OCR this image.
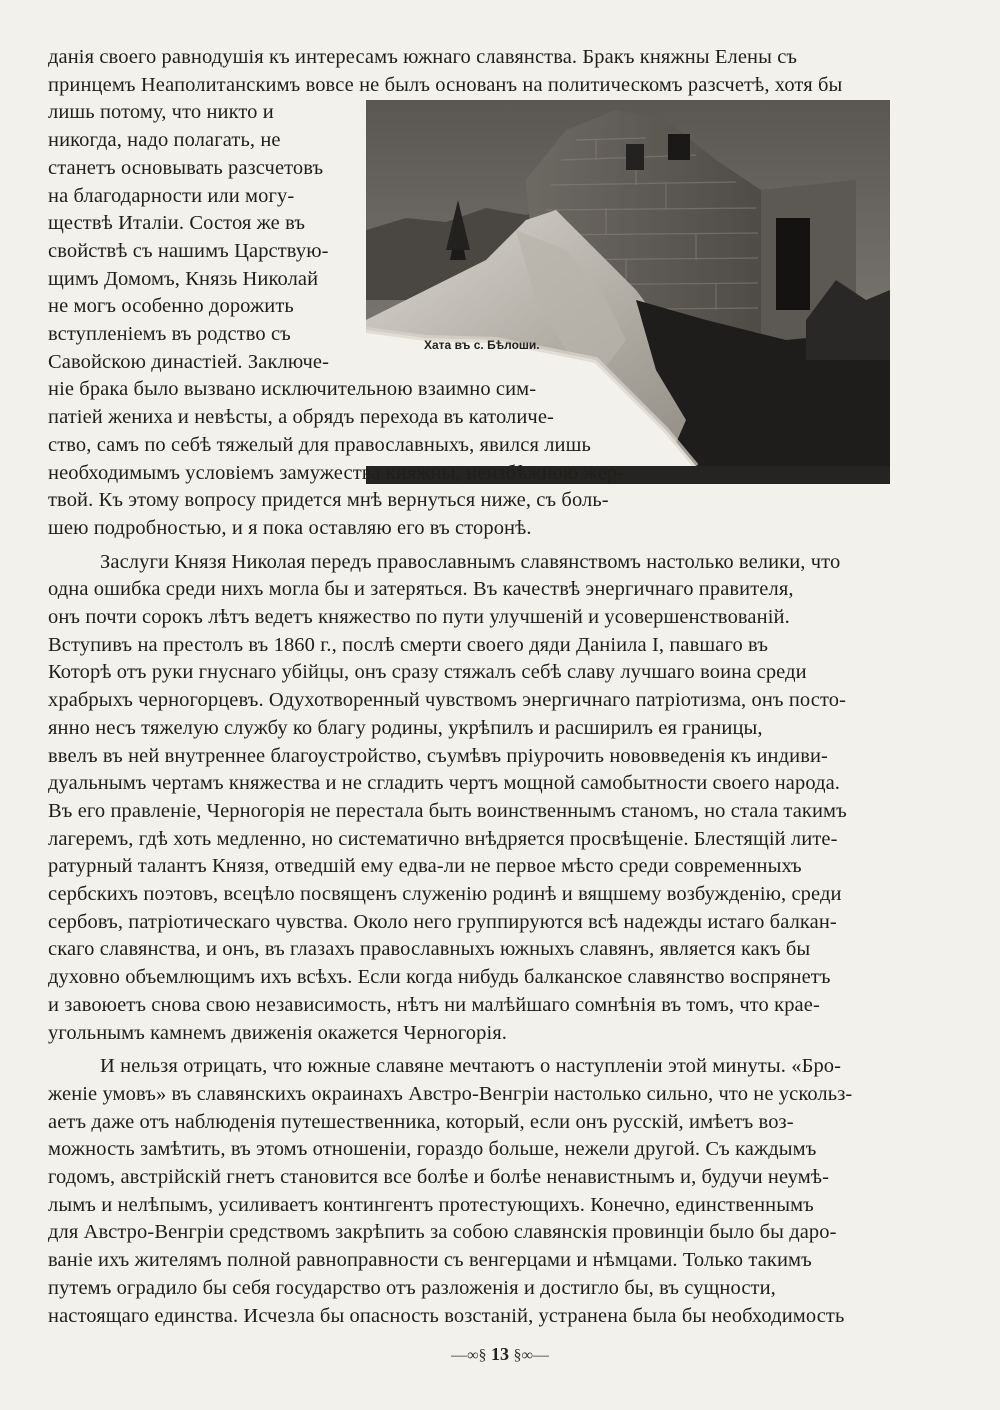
Хата въ с. Бѣлоши.
данія своего равнодушія къ интересамъ южнаго славянства. Бракъ княжны Елены съ
принцемъ Неаполитанскимъ вовсе не былъ основанъ на политическомъ разсчетѣ, хотя бы
лишь потому, что никто и
никогда, надо полагать, не
станетъ основывать разсчетовъ
на благодарности или могу-
ществѣ Италіи. Состоя же въ
свойствѣ съ нашимъ Царствую-
щимъ Домомъ, Князь Николай
не могъ особенно дорожить
вступленіемъ въ родство съ
Савойскою династіей. Заключе-
ніе брака было вызвано исключительною взаимно сим-
патіей жениха и невѣсты, а обрядъ перехода въ католиче-
ство, самъ по себѣ тяжелый для православныхъ, явился лишь
необходимымъ условіемъ замужества княжны, неизбѣжною жер-
твой. Къ этому вопросу придется мнѣ вернуться ниже, съ боль-
шею подробностью, и я пока оставляю его въ сторонѣ.
Заслуги Князя Николая передъ православнымъ славянствомъ настолько велики, что
одна ошибка среди нихъ могла бы и затеряться. Въ качествѣ энергичнаго правителя,
онъ почти сорокъ лѣтъ ведетъ княжество по пути улучшеній и усовершенствованій.
Вступивъ на престолъ въ 1860 г., послѣ смерти своего дяди Даніила I, павшаго въ
Которѣ отъ руки гнуснаго убійцы, онъ сразу стяжалъ себѣ славу лучшаго воина среди
храбрыхъ черногорцевъ. Одухотворенный чувствомъ энергичнаго патріотизма, онъ посто-
янно несъ тяжелую службу ко благу родины, укрѣпилъ и расширилъ ея границы,
ввелъ въ ней внутреннее благоустройство, съумѣвъ пріурочить нововведенія къ индиви-
дуальнымъ чертамъ княжества и не сгладить чертъ мощной самобытности своего народа.
Въ его правленіе, Черногорія не перестала быть воинственнымъ станомъ, но стала такимъ
лагеремъ, гдѣ хоть медленно, но систематично внѣдряется просвѣщеніе. Блестящій лите-
ратурный талантъ Князя, отведшій ему едва-ли не первое мѣсто среди современныхъ
сербскихъ поэтовъ, всецѣло посвященъ служенію родинѣ и вящшему возбужденію, среди
сербовъ, патріотическаго чувства. Около него группируются всѣ надежды истаго балкан-
скаго славянства, и онъ, въ глазахъ православныхъ южныхъ славянъ, является какъ бы
духовно объемлющимъ ихъ всѣхъ. Если когда нибудь балканское славянство воспрянетъ
и завоюетъ снова свою независимость, нѣтъ ни малѣйшаго сомнѣнія въ томъ, что крае-
угольнымъ камнемъ движенія окажется Черногорія.
И нельзя отрицать, что южные славяне мечтаютъ о наступленіи этой минуты. «Бро-
женіе умовъ» въ славянскихъ окраинахъ Австро-Венгріи настолько сильно, что не ускольз-
аетъ даже отъ наблюденія путешественника, который, если онъ русскій, имѣетъ воз-
можность замѣтить, въ этомъ отношеніи, гораздо больше, нежели другой. Съ каждымъ
годомъ, австрійскій гнетъ становится все болѣе и болѣе ненавистнымъ и, будучи неумѣ-
лымъ и нелѣпымъ, усиливаетъ контингентъ протестующихъ. Конечно, единственнымъ
для Австро-Венгріи средствомъ закрѣпить за собою славянскія провинціи было бы даро-
ваніе ихъ жителямъ полной равноправности съ венгерцами и нѣмцами. Только такимъ
путемъ оградило бы себя государство отъ разложенія и достигло бы, въ сущности,
настоящаго единства. Исчезла бы опасность возстаній, устранена была бы необходимость
—∞§ 13 §∞—
